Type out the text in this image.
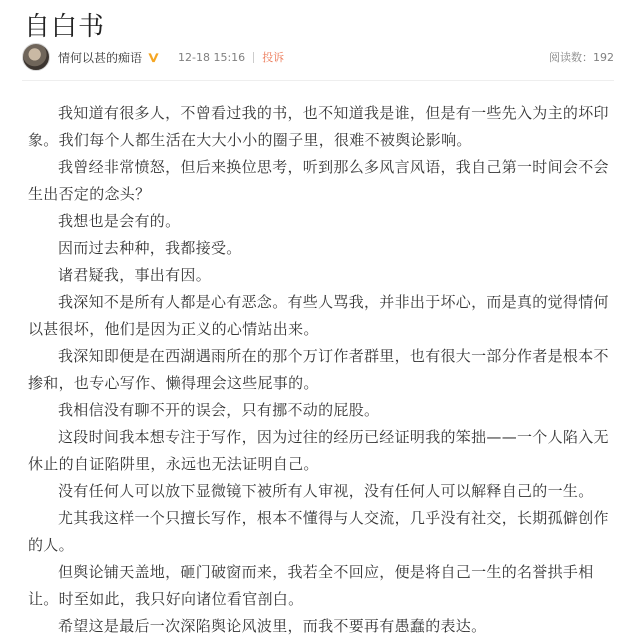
自白书
情何以甚的痴语	12-18 15:16 投诉	阅读数：192

我知道有很多人，不曾看过我的书，也不知道我是谁，但是有一些先入为主的坏印象。我们每个人都生活在大大小小的圈子里，很难不被舆论影响。

我曾经非常愤怒，但后来换位思考，听到那么多风言风语，我自己第一时间会不会生出否定的念头？

我想也是会有的。

因而过去种种，我都接受。

诸君疑我，事出有因。

我深知不是所有人都是心有恶念。有些人骂我，并非出于坏心，而是真的觉得情何以甚很坏，他们是因为正义的心情站出来。

我深知即便是在西湖遇雨所在的那个万订作者群里，也有很大一部分作者是根本不掺和，也专心写作、懒得理会这些屁事的。

我相信没有聊不开的误会，只有挪不动的屁股。

这段时间我本想专注于写作，因为过往的经历已经证明我的笨拙——一个人陷入无休止的自证陷阱里，永远也无法证明自己。

没有任何人可以放下显微镜下被所有人审视，没有任何人可以解释自己的一生。

尤其我这样一个只擅长写作，根本不懂得与人交流，几乎没有社交，长期孤僻创作的人。

但舆论铺天盖地，砸门破窗而来，我若全不回应，便是将自己一生的名誉拱手相让。时至如此，我只好向诸位看官剖白。

希望这是最后一次深陷舆论风波里，而我不要再有愚蠢的表达。
